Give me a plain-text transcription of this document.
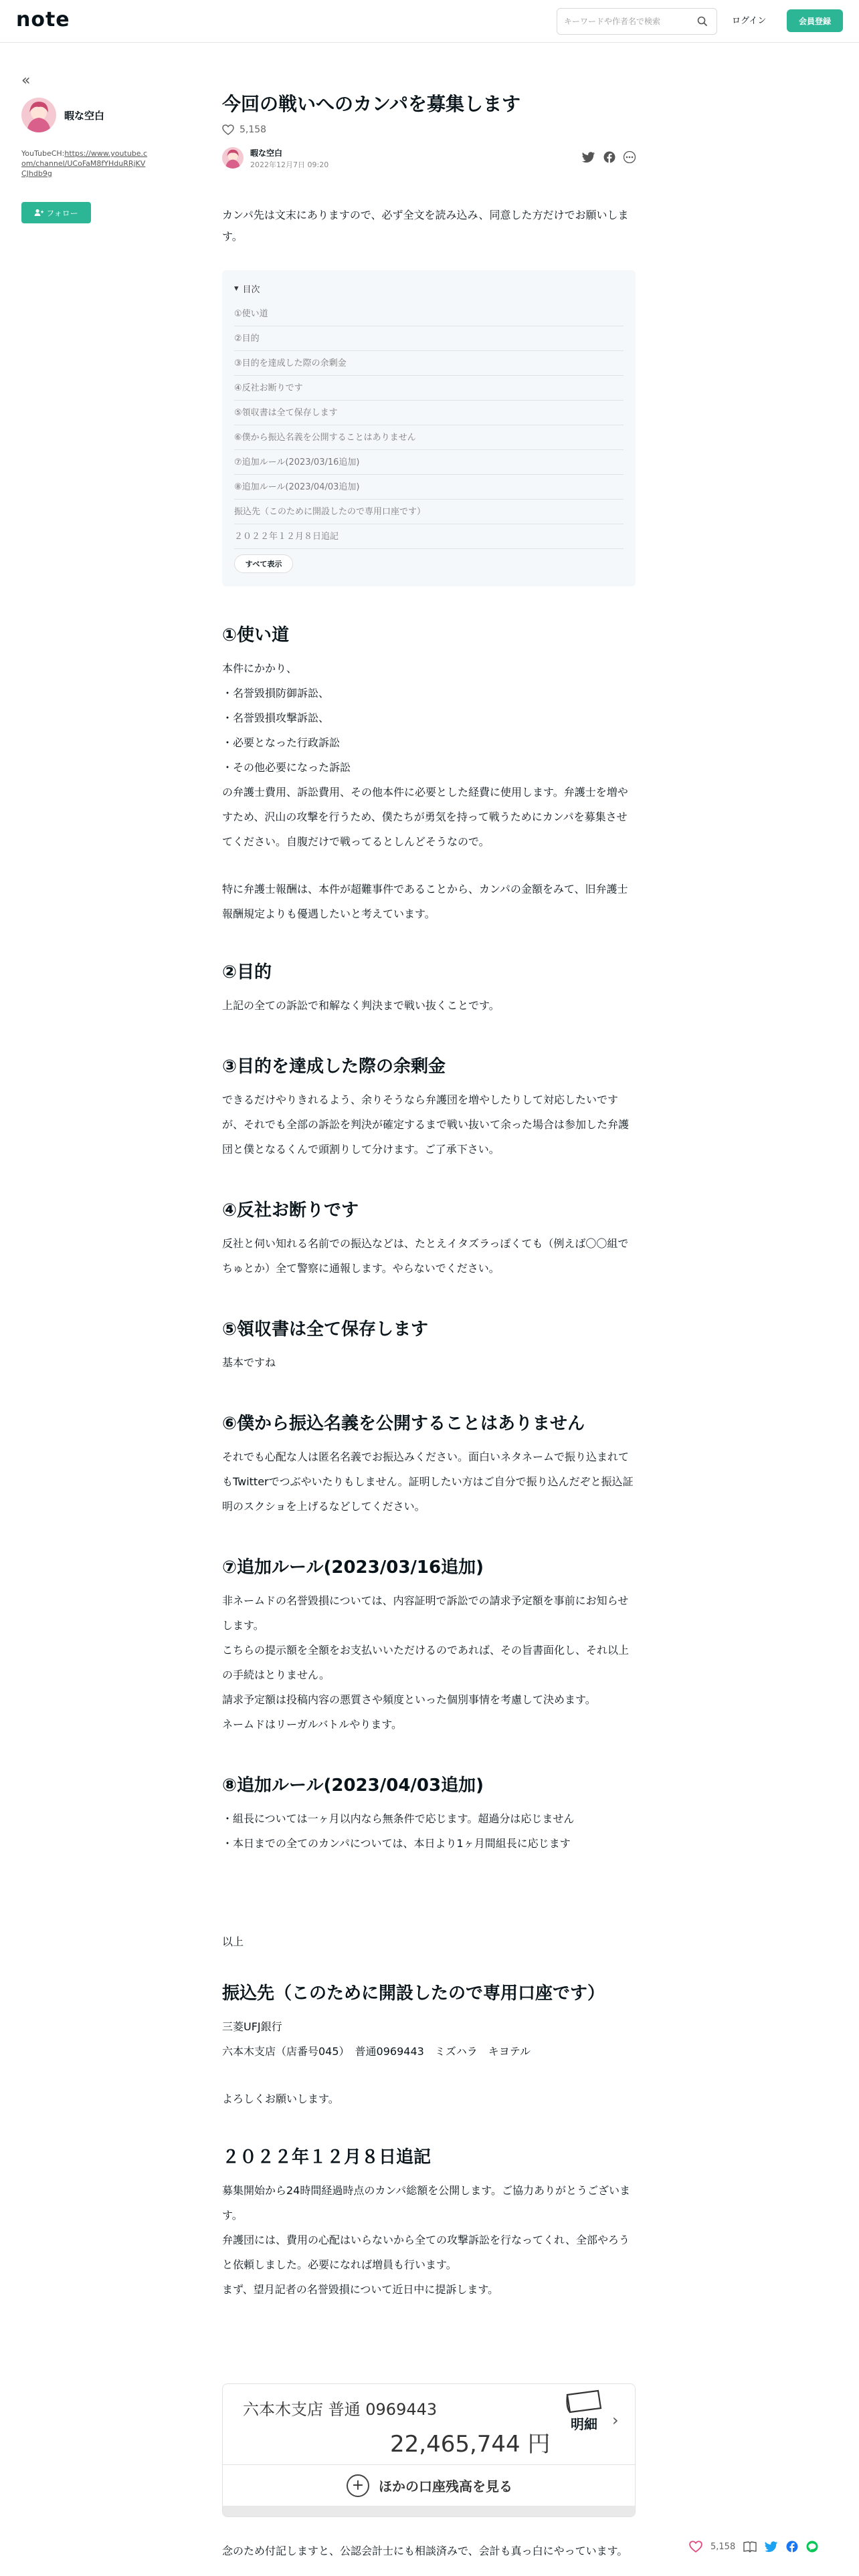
note
キーワードや作者名で検索	ログイン	会員登録
«
暇な空白
YouTubeCH:https://www.youtube.com/channel/UCoFaM8fYHduRRjKVCJhdb9g
フォロー
今回の戦いへのカンパを募集します
5,158
暇な空白
2022年12月7日 09:20
カンパ先は文末にありますので、必ず全文を読み込み、同意した方だけでお願いします。
▾ 目次
①使い道
②目的
③目的を達成した際の余剰金
④反社お断りです
⑤領収書は全て保存します
⑥僕から振込名義を公開することはありません
⑦追加ルール(2023/03/16追加)
⑧追加ルール(2023/04/03追加)
振込先（このために開設したので専用口座です）
２０２２年１２月８日追記
すべて表示
①使い道
本件にかかり、
・名誉毀損防御訴訟、
・名誉毀損攻撃訴訟、
・必要となった行政訴訟
・その他必要になった訴訟
の弁護士費用、訴訟費用、その他本件に必要とした経費に使用します。弁護士を増やすため、沢山の攻撃を行うため、僕たちが勇気を持って戦うためにカンパを募集させてください。自腹だけで戦ってるとしんどそうなので。
特に弁護士報酬は、本件が超難事件であることから、カンパの金額をみて、旧弁護士報酬規定よりも優遇したいと考えています。
②目的
上記の全ての訴訟で和解なく判決まで戦い抜くことです。
③目的を達成した際の余剰金
できるだけやりきれるよう、余りそうなら弁護団を増やしたりして対応したいですが、それでも全部の訴訟を判決が確定するまで戦い抜いて余った場合は参加した弁護団と僕となるくんで頭割りして分けます。ご了承下さい。
④反社お断りです
反社と伺い知れる名前での振込などは、たとえイタズラっぽくても（例えば〇〇組でちゅとか）全て警察に通報します。やらないでください。
⑤領収書は全て保存します
基本ですね
⑥僕から振込名義を公開することはありません
それでも心配な人は匿名名義でお振込みください。面白いネタネームで振り込まれてもTwitterでつぶやいたりもしません。証明したい方はご自分で振り込んだぞと振込証明のスクショを上げるなどしてください。
⑦追加ルール(2023/03/16追加)
非ネームドの名誉毀損については、内容証明で訴訟での請求予定額を事前にお知らせします。
こちらの提示額を全額をお支払いいただけるのであれば、その旨書面化し、それ以上の手続はとりません。
請求予定額は投稿内容の悪質さや頻度といった個別事情を考慮して決めます。
ネームドはリーガルバトルやります。
⑧追加ルール(2023/04/03追加)
・組長については一ヶ月以内なら無条件で応じます。超過分は応じません
・本日までの全てのカンパについては、本日より1ヶ月間組長に応じます
以上
振込先（このために開設したので専用口座です）
三菱UFJ銀行
六本木支店（店番号045）　普通0969443　ミズハラ　キヨテル
よろしくお願いします。
２０２２年１２月８日追記
募集開始から24時間経過時点のカンパ総額を公開します。ご協力ありがとうございます。
弁護団には、費用の心配はいらないから全ての攻撃訴訟を行なってくれ、全部やろうと依頼しました。必要になれば増員も行います。
まず、望月記者の名誉毀損について近日中に提訴します。
六本木支店 普通 0969443
22,465,744 円
明細 ›
+	ほかの口座残高を見る
念のため付記しますと、公認会計士にも相談済みで、会計も真っ白にやっています。	5,158
